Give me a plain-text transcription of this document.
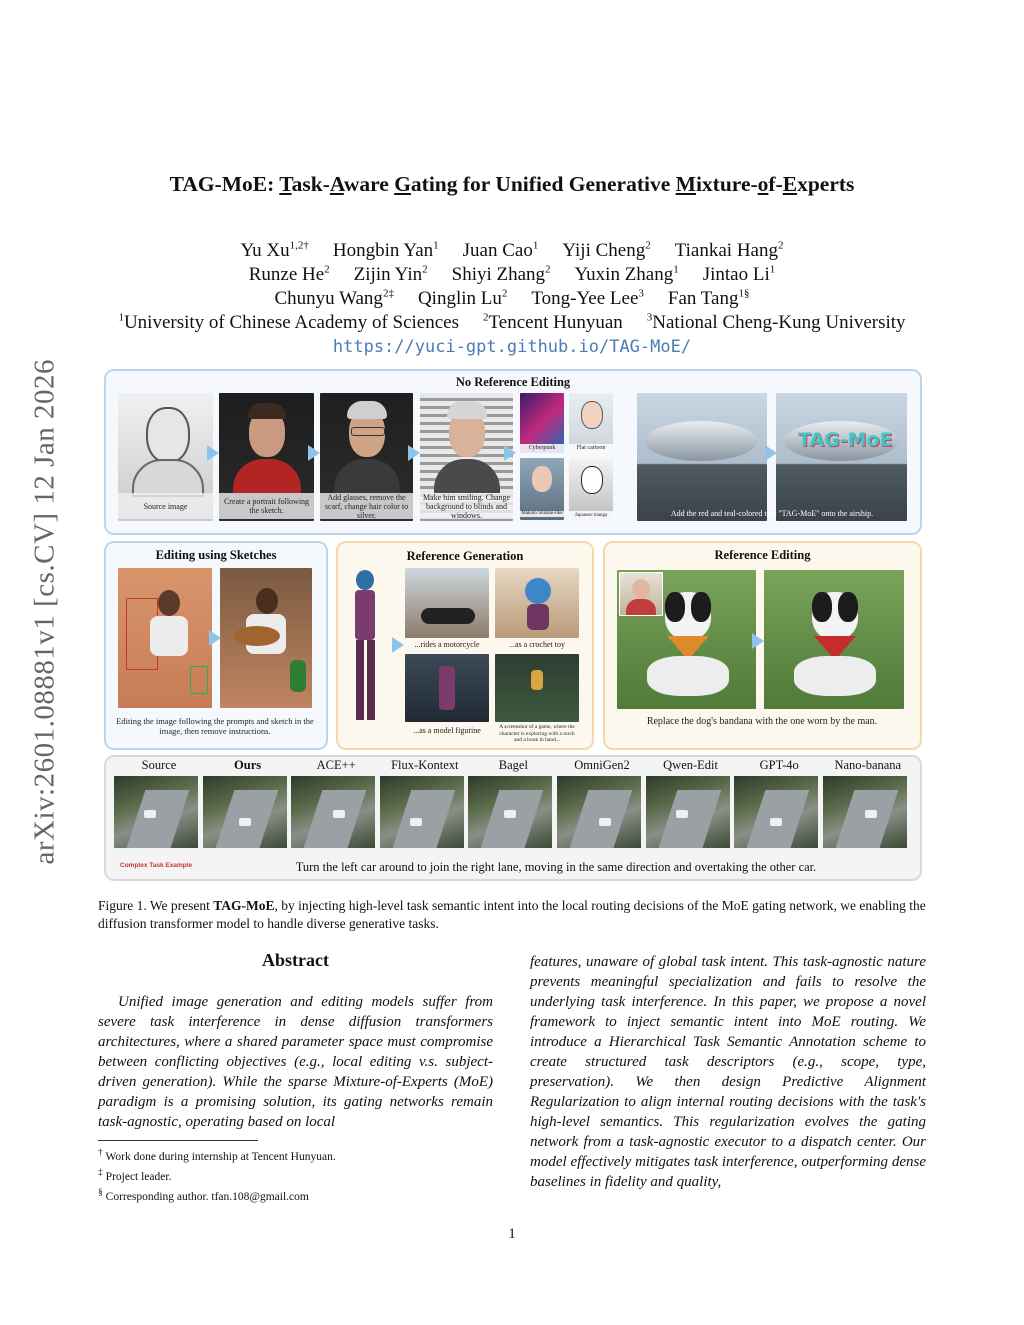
arXiv:2601.08881v1 [cs.CV] 12 Jan 2026
TAG-MoE: Task-Aware Gating for Unified Generative Mixture-of-Experts
Yu $Xu^{1,2\dagger}$ Hongbin Yan$^1$ Juan Cao$^1$ Yiji Cheng$^2$ Tiankai Hang$^2$
Runze He$^2$ Zijin Yin$^2$ Shiyi Zhang$^2$ Yuxin Zhang$^1$ Jintao Li$^1$
Chunyu Wang$^{2\ddagger}$ Qinglin Lu$^2$ Tong-Yee Lee$^3$ Fan Tang$^{1\S}$
$^1$University of Chinese Academy of Sciences $^2$Tencent Hunyuan $^3$National Cheng-Kung University
https://yuci-gpt.github.io/TAG-MoE/
No Reference Editing
Source image	Create a portrait following the sketch.
Add glasses, remove the scarf, change hair color to silver.
Make him smiling. Change background to blinds and windows.
Cyberpunk	Flat cartoon
Makoto Shinkai-like	Japanese manga
TAG-MoE
Add the red and teal-colored text "TAG-MoE" onto the airship.
Editing using Sketches
Editing the image following the prompts and sketch in the image, then remove instructions.
Reference Generation
...rides a motorcycle	...as a crochet toy
...as a model figurine	A screenshot of a game, where the character is exploring with a torch and a book in hand...
Reference Editing
Replace the dog's bandana with the one worn by the man.
Source	Ours	ACE++	Flux-Kontext	Bagel	OmniGen2	Qwen-Edit	GPT-4o	Nano-banana
Complex Task Example	Turn the left car around to join the right lane, moving in the same direction and overtaking the other car.
Figure 1. We present TAG-MoE, by injecting high-level task semantic intent into the local routing decisions of the MoE gating network, we enabling the diffusion transformer model to handle diverse generative tasks.
Abstract
Unified image generation and editing models suffer from severe task interference in dense diffusion transformers architectures, where a shared parameter space must compromise between conflicting objectives (e.g., local editing v.s. subject-driven generation). While the sparse Mixture-of-Experts (MoE) paradigm is a promising solution, its gating networks remain task-agnostic, operating based on local
features, unaware of global task intent. This task-agnostic nature prevents meaningful specialization and fails to resolve the underlying task interference. In this paper, we propose a novel framework to inject semantic intent into MoE routing. We introduce a Hierarchical Task Semantic Annotation scheme to create structured task descriptors (e.g., scope, type, preservation). We then design Predictive Alignment Regularization to align internal routing decisions with the task's high-level semantics. This regularization evolves the gating network from a task-agnostic executor to a dispatch center. Our model effectively mitigates task interference, outperforming dense baselines in fidelity and quality,
† Work done during internship at Tencent Hunyuan.
‡ Project leader.
§ Corresponding author. tfan.108@gmail.com
1
